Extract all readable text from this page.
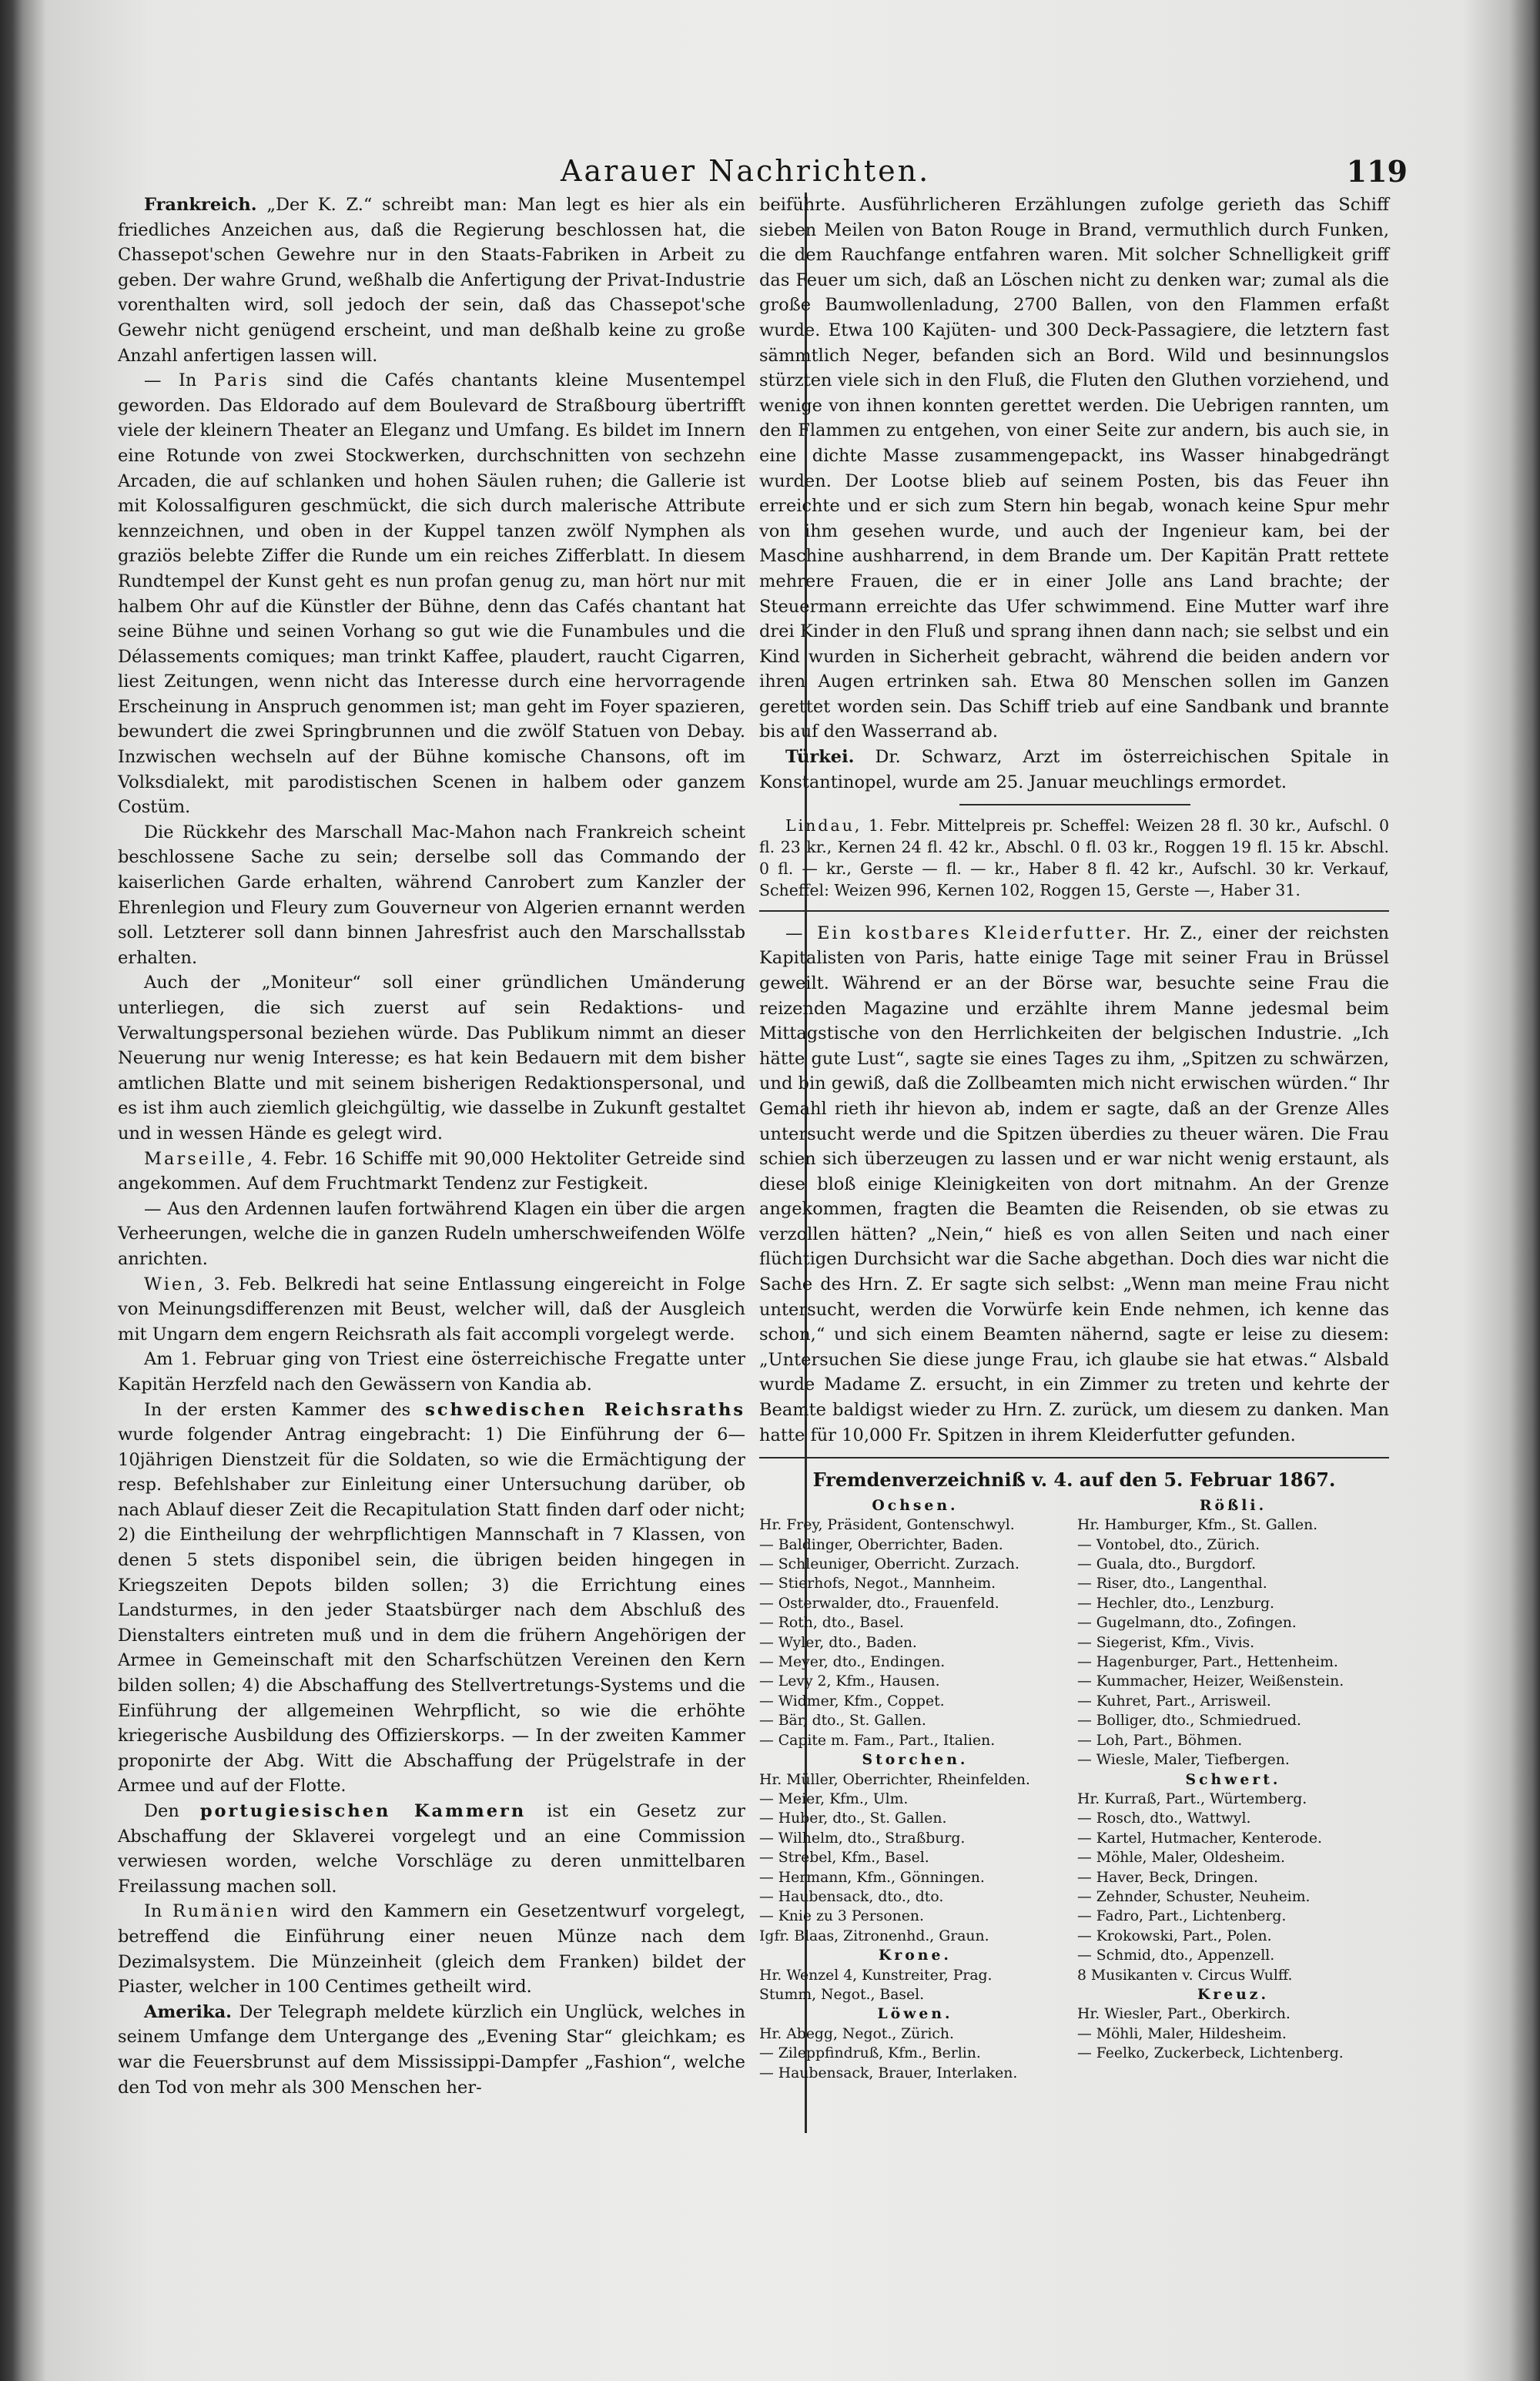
Aarauer Nachrichten.	119

Frankreich. „Der K. Z.“ schreibt man: Man legt es hier als ein friedliches Anzeichen aus, daß die Regierung beschlossen hat, die Chassepot'schen Gewehre nur in den Staats-Fabriken in Arbeit zu geben. Der wahre Grund, weßhalb die Anfertigung der Privat-Industrie vorenthalten wird, soll jedoch der sein, daß das Chassepot'sche Gewehr nicht genügend erscheint, und man deßhalb keine zu große Anzahl anfertigen lassen will.

— In Paris sind die Cafés chantants kleine Musentempel geworden. Das Eldorado auf dem Boulevard de Straßbourg übertrifft viele der kleinern Theater an Eleganz und Umfang. Es bildet im Innern eine Rotunde von zwei Stockwerken, durchschnitten von sechzehn Arcaden, die auf schlanken und hohen Säulen ruhen; die Gallerie ist mit Kolossalfiguren geschmückt, die sich durch malerische Attribute kennzeichnen, und oben in der Kuppel tanzen zwölf Nymphen als graziös belebte Ziffer die Runde um ein reiches Zifferblatt. In diesem Rundtempel der Kunst geht es nun profan genug zu, man hört nur mit halbem Ohr auf die Künstler der Bühne, denn das Cafés chantant hat seine Bühne und seinen Vorhang so gut wie die Funambules und die Délassements comiques; man trinkt Kaffee, plaudert, raucht Cigarren, liest Zeitungen, wenn nicht das Interesse durch eine hervorragende Erscheinung in Anspruch genommen ist; man geht im Foyer spazieren, bewundert die zwei Springbrunnen und die zwölf Statuen von Debay. Inzwischen wechseln auf der Bühne komische Chansons, oft im Volksdialekt, mit parodistischen Scenen in halbem oder ganzem Costüm.

Die Rückkehr des Marschall Mac-Mahon nach Frankreich scheint beschlossene Sache zu sein; derselbe soll das Commando der kaiserlichen Garde erhalten, während Canrobert zum Kanzler der Ehrenlegion und Fleury zum Gouverneur von Algerien ernannt werden soll. Letzterer soll dann binnen Jahresfrist auch den Marschallsstab erhalten.

Auch der „Moniteur“ soll einer gründlichen Umänderung unterliegen, die sich zuerst auf sein Redaktions- und Verwaltungspersonal beziehen würde. Das Publikum nimmt an dieser Neuerung nur wenig Interesse; es hat kein Bedauern mit dem bisher amtlichen Blatte und mit seinem bisherigen Redaktionspersonal, und es ist ihm auch ziemlich gleichgültig, wie dasselbe in Zukunft gestaltet und in wessen Hände es gelegt wird.

Marseille, 4. Febr. 16 Schiffe mit 90,000 Hektoliter Getreide sind angekommen. Auf dem Fruchtmarkt Tendenz zur Festigkeit.

— Aus den Ardennen laufen fortwährend Klagen ein über die argen Verheerungen, welche die in ganzen Rudeln umherschweifenden Wölfe anrichten.

Wien, 3. Feb. Belkredi hat seine Entlassung eingereicht in Folge von Meinungsdifferenzen mit Beust, welcher will, daß der Ausgleich mit Ungarn dem engern Reichsrath als fait accompli vorgelegt werde.

Am 1. Februar ging von Triest eine österreichische Fregatte unter Kapitän Herzfeld nach den Gewässern von Kandia ab.

In der ersten Kammer des schwedischen Reichsraths wurde folgender Antrag eingebracht: 1) Die Einführung der 6—10jährigen Dienstzeit für die Soldaten, so wie die Ermächtigung der resp. Befehlshaber zur Einleitung einer Untersuchung darüber, ob nach Ablauf dieser Zeit die Recapitulation Statt finden darf oder nicht; 2) die Eintheilung der wehrpflichtigen Mannschaft in 7 Klassen, von denen 5 stets disponibel sein, die übrigen beiden hingegen in Kriegszeiten Depots bilden sollen; 3) die Errichtung eines Landsturmes, in den jeder Staatsbürger nach dem Abschluß des Dienstalters eintreten muß und in dem die frühern Angehörigen der Armee in Gemeinschaft mit den Scharfschützen Vereinen den Kern bilden sollen; 4) die Abschaffung des Stellvertretungs-Systems und die Einführung der allgemeinen Wehrpflicht, so wie die erhöhte kriegerische Ausbildung des Offizierskorps. — In der zweiten Kammer proponirte der Abg. Witt die Abschaffung der Prügelstrafe in der Armee und auf der Flotte.

Den portugiesischen Kammern ist ein Gesetz zur Abschaffung der Sklaverei vorgelegt und an eine Commission verwiesen worden, welche Vorschläge zu deren unmittelbaren Freilassung machen soll.

In Rumänien wird den Kammern ein Gesetzentwurf vorgelegt, betreffend die Einführung einer neuen Münze nach dem Dezimalsystem. Die Münzeinheit (gleich dem Franken) bildet der Piaster, welcher in 100 Centimes getheilt wird.

Amerika. Der Telegraph meldete kürzlich ein Unglück, welches in seinem Umfange dem Untergange des „Evening Star“ gleichkam; es war die Feuersbrunst auf dem Mississippi-Dampfer „Fashion“, welche den Tod von mehr als 300 Menschen her-

beiführte. Ausführlicheren Erzählungen zufolge gerieth das Schiff sieben Meilen von Baton Rouge in Brand, vermuthlich durch Funken, die dem Rauchfange entfahren waren. Mit solcher Schnelligkeit griff das Feuer um sich, daß an Löschen nicht zu denken war; zumal als die große Baumwollenladung, 2700 Ballen, von den Flammen erfaßt wurde. Etwa 100 Kajüten- und 300 Deck-Passagiere, die letztern fast sämmtlich Neger, befanden sich an Bord. Wild und besinnungslos stürzten viele sich in den Fluß, die Fluten den Gluthen vorziehend, und wenige von ihnen konnten gerettet werden. Die Uebrigen rannten, um den Flammen zu entgehen, von einer Seite zur andern, bis auch sie, in eine dichte Masse zusammengepackt, ins Wasser hinabgedrängt wurden. Der Lootse blieb auf seinem Posten, bis das Feuer ihn erreichte und er sich zum Stern hin begab, wonach keine Spur mehr von ihm gesehen wurde, und auch der Ingenieur kam, bei der Maschine aushharrend, in dem Brande um. Der Kapitän Pratt rettete mehrere Frauen, die er in einer Jolle ans Land brachte; der Steuermann erreichte das Ufer schwimmend. Eine Mutter warf ihre drei Kinder in den Fluß und sprang ihnen dann nach; sie selbst und ein Kind wurden in Sicherheit gebracht, während die beiden andern vor ihren Augen ertrinken sah. Etwa 80 Menschen sollen im Ganzen gerettet worden sein. Das Schiff trieb auf eine Sandbank und brannte bis auf den Wasserrand ab.

Türkei. Dr. Schwarz, Arzt im österreichischen Spitale in Konstantinopel, wurde am 25. Januar meuchlings ermordet.

Lindau, 1. Febr. Mittelpreis pr. Scheffel: Weizen 28 fl. 30 kr., Aufschl. 0 fl. 23 kr., Kernen 24 fl. 42 kr., Abschl. 0 fl. 03 kr., Roggen 19 fl. 15 kr. Abschl. 0 fl. — kr., Gerste — fl. — kr., Haber 8 fl. 42 kr., Aufschl. 30 kr. Verkauf, Scheffel: Weizen 996, Kernen 102, Roggen 15, Gerste —, Haber 31.

— Ein kostbares Kleiderfutter. Hr. Z., einer der reichsten Kapitalisten von Paris, hatte einige Tage mit seiner Frau in Brüssel geweilt. Während er an der Börse war, besuchte seine Frau die reizenden Magazine und erzählte ihrem Manne jedesmal beim Mittagstische von den Herrlichkeiten der belgischen Industrie. „Ich hätte gute Lust“, sagte sie eines Tages zu ihm, „Spitzen zu schwärzen, und bin gewiß, daß die Zollbeamten mich nicht erwischen würden.“ Ihr Gemahl rieth ihr hievon ab, indem er sagte, daß an der Grenze Alles untersucht werde und die Spitzen überdies zu theuer wären. Die Frau schien sich überzeugen zu lassen und er war nicht wenig erstaunt, als diese bloß einige Kleinigkeiten von dort mitnahm. An der Grenze angekommen, fragten die Beamten die Reisenden, ob sie etwas zu verzollen hätten? „Nein,“ hieß es von allen Seiten und nach einer flüchtigen Durchsicht war die Sache abgethan. Doch dies war nicht die Sache des Hrn. Z. Er sagte sich selbst: „Wenn man meine Frau nicht untersucht, werden die Vorwürfe kein Ende nehmen, ich kenne das schon,“ und sich einem Beamten nähernd, sagte er leise zu diesem: „Untersuchen Sie diese junge Frau, ich glaube sie hat etwas.“ Alsbald wurde Madame Z. ersucht, in ein Zimmer zu treten und kehrte der Beamte baldigst wieder zu Hrn. Z. zurück, um diesem zu danken. Man hatte für 10,000 Fr. Spitzen in ihrem Kleiderfutter gefunden.

Fremdenverzeichniß v. 4. auf den 5. Februar 1867.
Ochsen.
Hr. Frey, Präsident, Gontenschwyl.
— Baldinger, Oberrichter, Baden.
— Schleuniger, Oberricht. Zurzach.
— Stierhofs, Negot., Mannheim.
— Osterwalder, dto., Frauenfeld.
— Roth, dto., Basel.
— Wyler, dto., Baden.
— Meyer, dto., Endingen.
— Levy 2, Kfm., Hausen.
— Widmer, Kfm., Coppet.
— Bär, dto., St. Gallen.
— Capite m. Fam., Part., Italien.
Storchen.
Hr. Müller, Oberrichter, Rheinfelden.
— Meier, Kfm., Ulm.
— Huber, dto., St. Gallen.
— Wilhelm, dto., Straßburg.
— Strebel, Kfm., Basel.
— Hermann, Kfm., Gönningen.
— Haubensack, dto., dto.
— Knie zu 3 Personen.
Igfr. Blaas, Zitronenhd., Graun.
Krone.
Hr. Wenzel 4, Kunstreiter, Prag.
Stumm, Negot., Basel.
Löwen.
Hr. Abegg, Negot., Zürich.
— Zileppfindruß, Kfm., Berlin.
— Haubensack, Brauer, Interlaken.
Rößli.
Hr. Hamburger, Kfm., St. Gallen.
— Vontobel, dto., Zürich.
— Guala, dto., Burgdorf.
— Riser, dto., Langenthal.
— Hechler, dto., Lenzburg.
— Gugelmann, dto., Zofingen.
— Siegerist, Kfm., Vivis.
— Hagenburger, Part., Hettenheim.
— Kummacher, Heizer, Weißenstein.
— Kuhret, Part., Arrisweil.
— Bolliger, dto., Schmiedrued.
— Loh, Part., Böhmen.
— Wiesle, Maler, Tiefbergen.
Schwert.
Hr. Kurraß, Part., Würtemberg.
— Rosch, dto., Wattwyl.
— Kartel, Hutmacher, Kenterode.
— Möhle, Maler, Oldesheim.
— Haver, Beck, Dringen.
— Zehnder, Schuster, Neuheim.
— Fadro, Part., Lichtenberg.
— Krokowski, Part., Polen.
— Schmid, dto., Appenzell.
8 Musikanten v. Circus Wulff.
Kreuz.
Hr. Wiesler, Part., Oberkirch.
— Möhli, Maler, Hildesheim.
— Feelko, Zuckerbeck, Lichtenberg.
